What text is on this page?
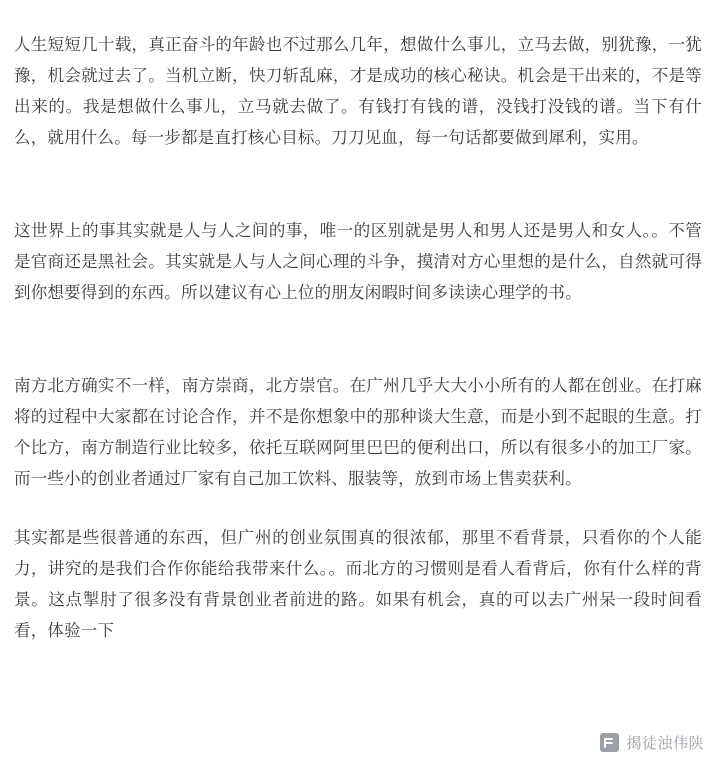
人生短短几十载，真正奋斗的年龄也不过那么几年，想做什么事儿，立马去做，别犹豫，一犹豫，机会就过去了。当机立断，快刀斩乱麻，才是成功的核心秘诀。机会是干出来的，不是等出来的。我是想做什么事儿，立马就去做了。有钱打有钱的谱，没钱打没钱的谱。当下有什么，就用什么。每一步都是直打核心目标。刀刀见血，每一句话都要做到犀利，实用。

这世界上的事其实就是人与人之间的事，唯一的区别就是男人和男人还是男人和女人。。不管是官商还是黑社会。其实就是人与人之间心理的斗争，摸清对方心里想的是什么，自然就可得到你想要得到的东西。所以建议有心上位的朋友闲暇时间多读读心理学的书。

南方北方确实不一样，南方崇商，北方崇官。在广州几乎大大小小所有的人都在创业。在打麻将的过程中大家都在讨论合作，并不是你想象中的那种谈大生意，而是小到不起眼的生意。打个比方，南方制造行业比较多，依托互联网阿里巴巴的便利出口，所以有很多小的加工厂家。而一些小的创业者通过厂家有自己加工饮料、服装等，放到市场上售卖获利。

其实都是些很普通的东西，但广州的创业氛围真的很浓郁，那里不看背景，只看你的个人能力，讲究的是我们合作你能给我带来什么。。而北方的习惯则是看人看背后，你有什么样的背景。这点掣肘了很多没有背景创业者前进的路。如果有机会，真的可以去广州呆一段时间看看，体验一下

揭徒浊伟陕
